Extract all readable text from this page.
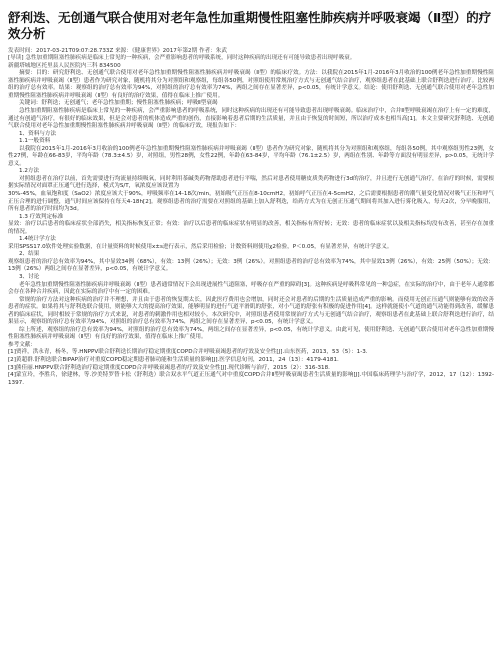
舒利迭、无创通气联合使用对老年急性加重期慢性阻塞性肺疾病并呼吸衰竭（Ⅱ型）的疗效分析
发表时间：2017-03-21T09:07:28.733Z 来源：《健康世界》2017年第2期 作者：朱武
[导读] 急性加重期阻塞性肺疾病是临床上常见的一种疾病，会严重影响患者的呼吸系统，同时这种疾病的出现还有可能导致患者出现呼吸衰。
新疆塔城地区托里县人民医院内三科 834500

摘要：目的：研究舒利迭、无创通气联合使用对老年急性加重期慢性阻塞性肺疾病并呼吸衰竭（Ⅱ型）的临床疗效。方法：以我院在2015年1月-2016年3月收治的100例老年急性加重期慢性阻塞性肺疾病并呼吸衰竭（Ⅱ型）患者作为研究对象，随机将其分为对照组和观察组，每组各50例，对照组使用常规治疗方式与无创通气结合治疗，观察组患者在此基础上联合舒利迭进行治疗。比较两组的治疗总有效率。结果：观察组的治疗总有效率为94%，对照组的治疗总有效率为74%，两组之间存在显著差异，p<0.05，有统计学意义。结论：使用舒利迭、无创通气联合使用对老年急性加重期慢性阻塞性肺疾病并呼吸衰竭（Ⅱ型）有良好的治疗效果，值得在临床上推广使用。

关键词：舒利迭；无创通气；老年急性加重期；慢性阻塞性肺疾病；呼吸Ⅱ型衰竭

急性加重期阻塞性肺疾病是临床上常见的一种疾病，会严重影响患者的呼吸系统，同时这种疾病的出现还有可能导致患者出现呼吸衰竭。临床治疗中，合并Ⅱ型呼吸衰竭在治疗上有一定的难度，通过有创通气治疗，有很好的临床效果，但是会对患者的机体造成严重的创伤，直接影响着患者后期的生活质量，并且由于恢复的时间短，所以治疗成本也相当高[1]。本文主要研究舒利迭、无创通气联合使用对老年急性加重期慢性阻塞性肺疾病并呼吸衰竭（Ⅱ型）的临床疗效，现报告如下：

1、资料与方法

1.1一般资料

以我院在2015年1月-2016年3月收治的100例老年急性加重期慢性阻塞性肺疾病并呼吸衰竭（Ⅱ型）患者作为研究对象，随机将其分为对照组和观察组，每组各50例，其中观察组男性23例，女性27例，年龄在66-83岁，平均年龄（78.3±4.5）岁，对照组，男性28例，女性22例，年龄在63-84岁，平均年龄（76.1±2.5）岁，两组在性别、年龄等方面没有明显差异，p>0.05，无统计学意义。

1.2方法

对照组患者在治疗以前，首先需要进行均流量持续吸氧，同时利用茶碱类药物帮助患者进行平喘，然后对患者使用糖皮质类药物进行3d的治疗，并且进行无创通气治疗，在治疗的时候，需要根据实际情况对面罩正压通气进行选择，模式为S/T，氧浓度应该设置为

30%-45%，血氧饱和度（SaO2）浓度应该大于90%，呼吸频率在14-18次/min，初始吸气正压在8-10cmH2，初始呼气正压在4-5cmH2，之后需要根据患者的潮气量变化情况对吸气正压和呼气正压合理的进行调整，通气时间应该保持在每天4-18h[2]。观察组患者的治疗需要在对照组的基础上加入舒利迭，给药方式为在无创正压通气期间将其加入进行雾化吸入，每天2次，分早晚服用，所有患者的治疗时间均为3d。

1.3 疗效判定标准

显效：治疗以后患者的临床症状全部消失，相关指标恢复正常；有效：治疗以后患者的临床症状有明显的改善，相关指标有所好转；无效：患者的临床症状以及相关指标均没有改善，甚至存在加重的情况。

1.4统计学方法

采用SPSS17.0软件处理实验数据，在计量资料的时候使用x±s进行表示，然后采用检验；计数资料则使用χ2检验，P＜0.05，有显著差异，有统计学意义。

2、结果

观察组患者的治疗总有效率为94%，其中显效34例（68%），有效：13例（26%）；无效：3例（26%）。对照组患者的治疗总有效率为74%，其中显效13例（26%），有效：25例（50%）；无效：13例（26%）两组之间存在显著差异，p<0.05，有统计学意义。

3、讨论

老年急性加重期慢性阻塞性肺疾病并呼吸衰竭（Ⅱ型）患者通常情况下会出现进展性气道阻塞，呼吸存在严重的障碍[3]。这种疾病是呼吸科常见的一种急症，在实际的治疗中，由于老年人通常都会存在各种合并疾病，因此在实际的治疗中有一定的困难。

常规的治疗方法对这种疾病的治疗并不理想，并且由于患者的恢复期太长，因此医疗费用也会增加，同时还会对患者的后期的生活质量造成严重的影响。而使用无创正压通气则能够有效的改善患者的症状。如果将其与舒利迭联合使用，则能够大大的提高治疗效果，能够明显的进行气道平滑肌的舒张，对小气道的舒张有积极的促进作用[4]。这样就能使小气道的通气功能得到改善，缓解患者的临床症状，同时相较于常规的治疗方式来说，对患者的刺激作用也相对较小。本次研究中，对照组患者使用常规治疗方式与无创通气结合治疗，观察组患者在此基础上联合舒利迭进行治疗，结果显示，观察组的治疗总有效率为94%，对照组的治疗总有效率为74%，两组之间存在显著差异，p<0.05，有统计学意义。

综上所述，观察组的治疗总有效率为94%，对照组的治疗总有效率为74%，两组之间存在显著差异，p<0.05，有统计学意义。由此可见，使用舒利迭、无创通气联合使用对老年急性加重期慢性阻塞性肺疾病并呼吸衰竭（Ⅱ型）有良好的治疗效果，值得在临床上推广使用。

参考文献：

[1]贾祥，洪永青，杨冬，等.HNPPV联合舒利迭长期治疗稳定期重度COPD合并呼吸衰竭患者的疗效及安全性[J].山东医药，2013，53（5）：1-3.

[2]黄超群.舒利迭联合BiPAP治疗对重度COPD稳定期患者肺功能和生活质量的影响[J].医学信息旬刊，2011，24（13）：4179-4181.

[3]熊佳丽.HNPPV联合舒利迭治疗稳定期重度COPD合并呼吸衰竭患者的疗效及安全性[J].现代诊断与治疗，2015（2）：316-318.

[4]蒙宣玲，李胜兵，徐建林，等.沙美特罗替卡松（舒利迭）联合双水平气道正压通气对中重度COPD合并Ⅱ型呼吸衰竭患者生活质量的影响[J].中国临床药理学与治疗学，2012，17（12）：1392-1397.
